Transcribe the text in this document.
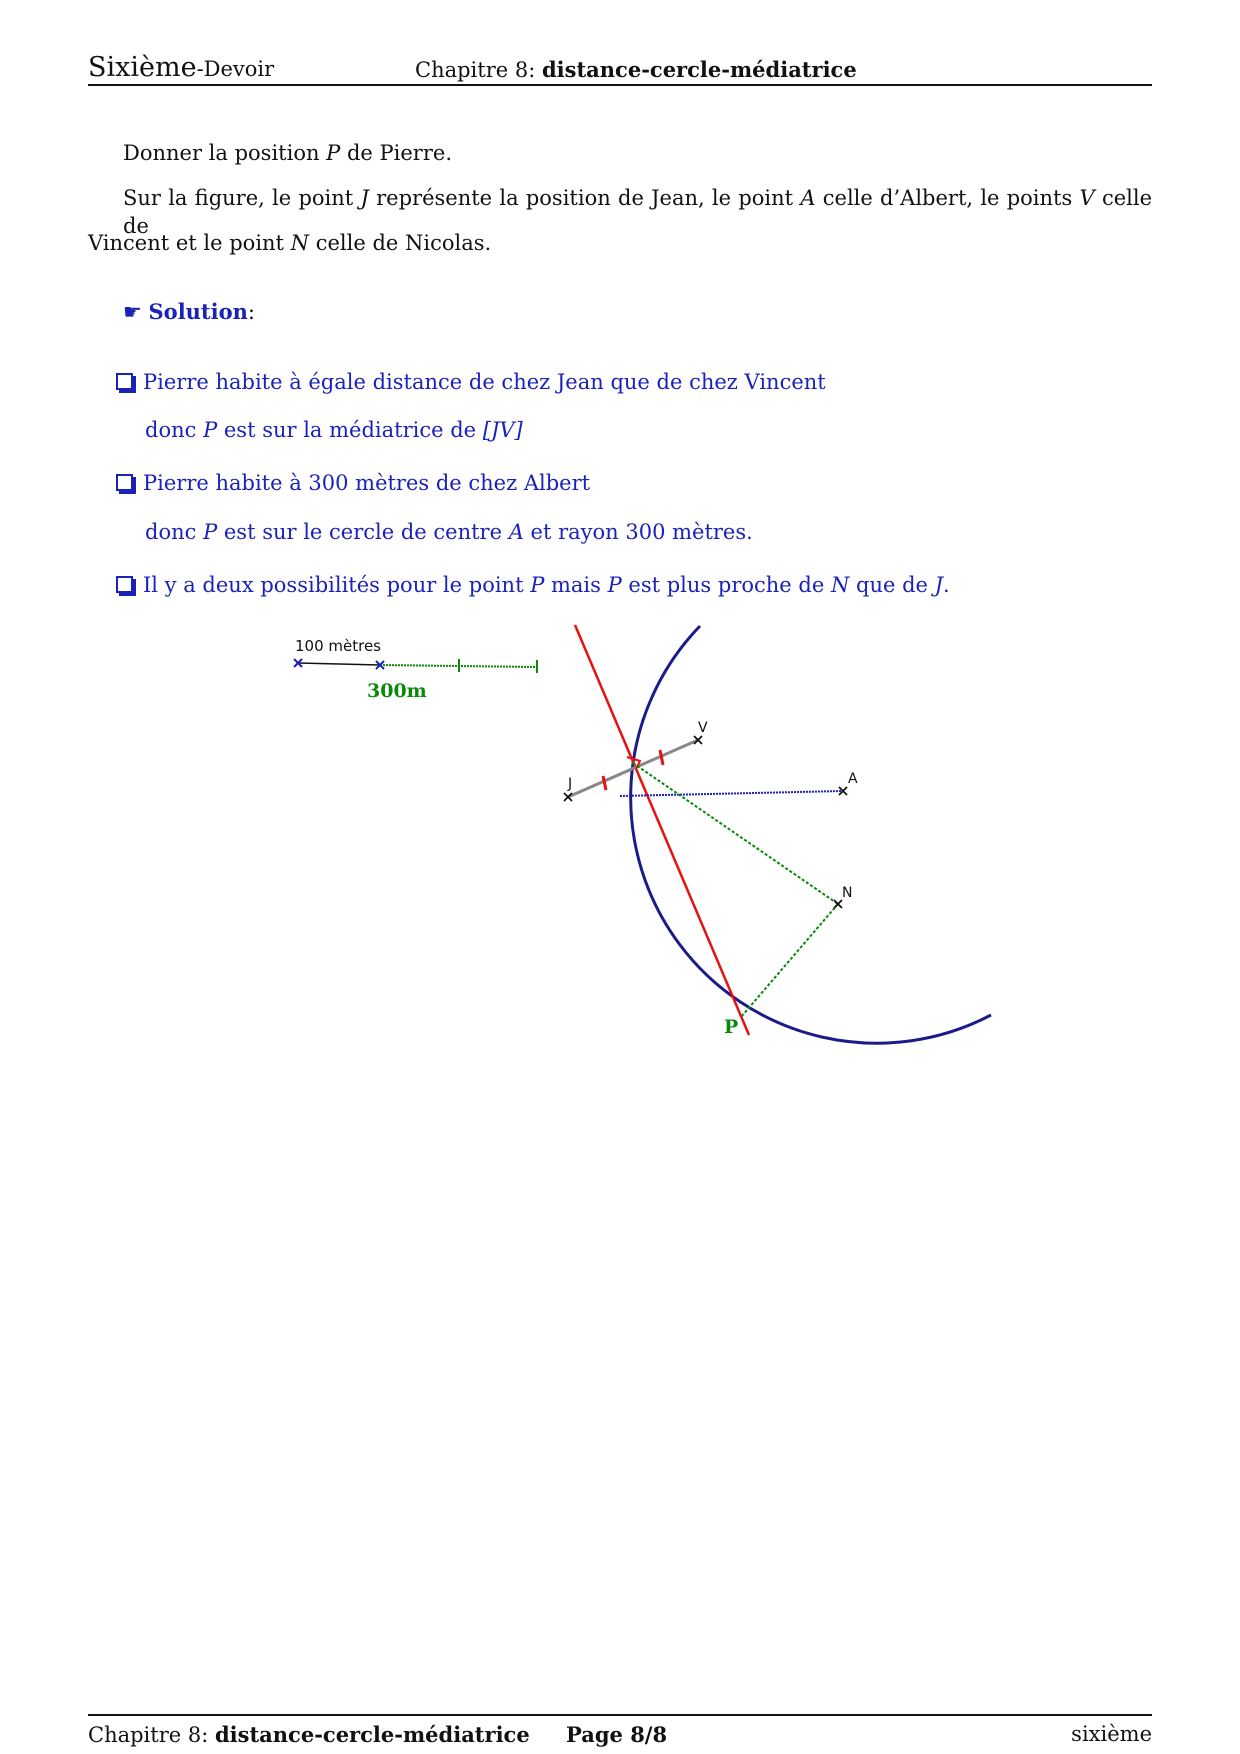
Sixième-Devoir	Chapitre 8: distance-cercle-médiatrice
Donner la position P de Pierre.
Sur la figure, le point J représente la position de Jean, le point A celle d’Albert, le points V celle de
Vincent et le point N celle de Nicolas.
☛ Solution:
Pierre habite à égale distance de chez Jean que de chez Vincent
donc P est sur la médiatrice de [JV]
Pierre habite à 300 mètres de chez Albert
donc P est sur le cercle de centre A et rayon 300 mètres.
Il y a deux possibilités pour le point P mais P est plus proche de N que de J.
100 mètres
300m
J
V
A
N
P
Chapitre 8: distance-cercle-médiatrice Page 8/8	sixième
